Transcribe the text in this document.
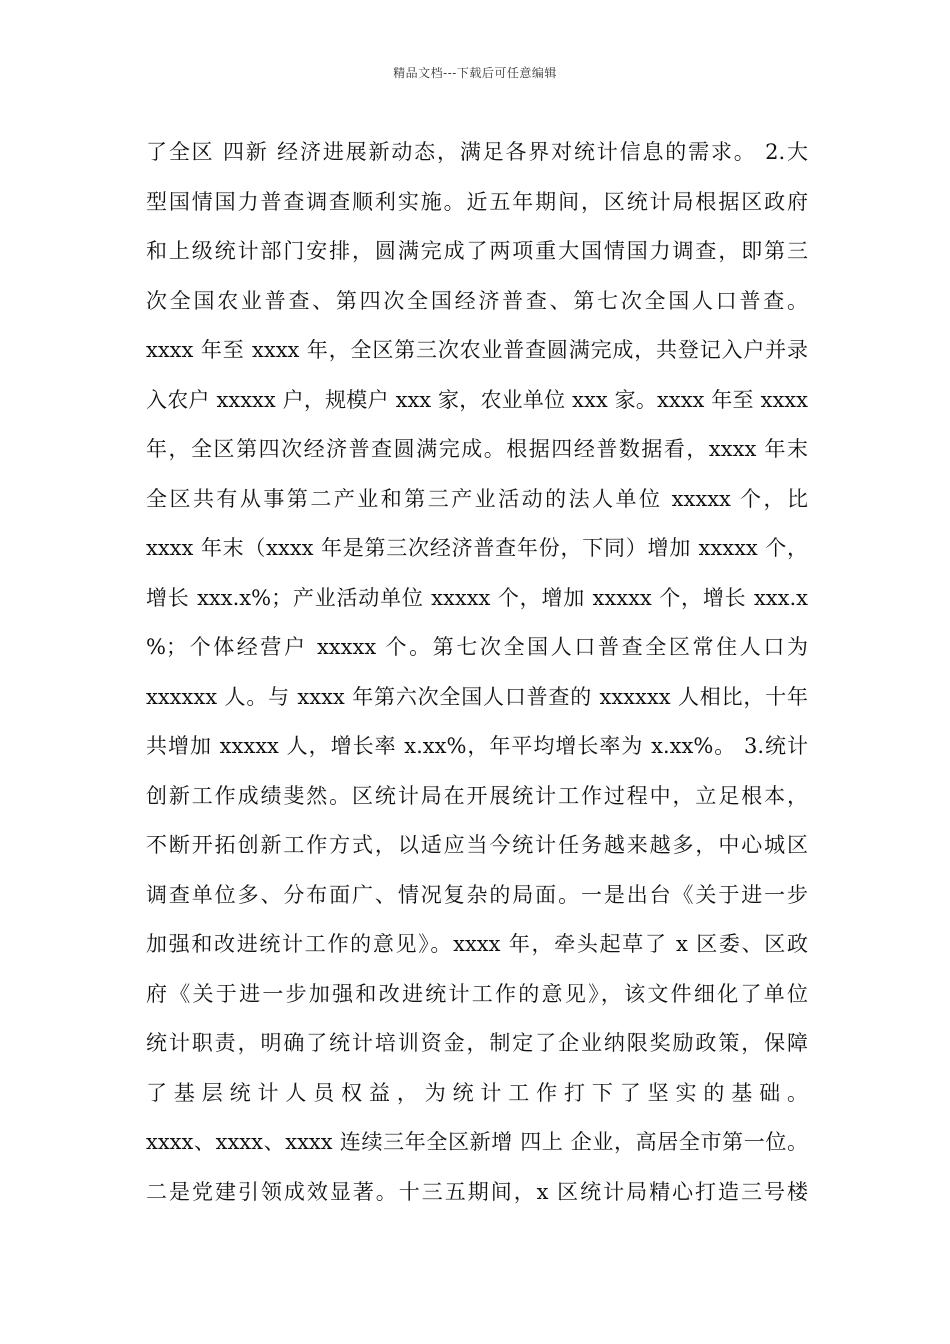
精品文档---下载后可任意编辑
了全区 四新 经济进展新动态，满足各界对统计信息的需求。 2.大
型国情国力普查调查顺利实施。近五年期间，区统计局根据区政府
和上级统计部门安排，圆满完成了两项重大国情国力调查，即第三
次全国农业普查、第四次全国经济普查、第七次全国人口普查。
xxxx 年至 xxxx 年，全区第三次农业普查圆满完成，共登记入户并录
入农户 xxxxx 户，规模户 xxx 家，农业单位 xxx 家。xxxx 年至 xxxx
年，全区第四次经济普查圆满完成。根据四经普数据看，xxxx 年末
全区共有从事第二产业和第三产业活动的法人单位 xxxxx 个，比
xxxx 年末（xxxx 年是第三次经济普查年份，下同）增加 xxxxx 个，
增长 xxx.x%；产业活动单位 xxxxx 个，增加 xxxxx 个，增长 xxx.x
%；个体经营户 xxxxx 个。第七次全国人口普查全区常住人口为
xxxxxx 人。与 xxxx 年第六次全国人口普查的 xxxxxx 人相比，十年
共增加 xxxxx 人，增长率 x.xx%，年平均增长率为 x.xx%。 3.统计
创新工作成绩斐然。区统计局在开展统计工作过程中，立足根本，
不断开拓创新工作方式，以适应当今统计任务越来越多，中心城区
调查单位多、分布面广、情况复杂的局面。一是出台《关于进一步
加强和改进统计工作的意见》。xxxx 年，牵头起草了 x 区委、区政
府《关于进一步加强和改进统计工作的意见》，该文件细化了单位
统计职责，明确了统计培训资金，制定了企业纳限奖励政策，保障
了基层统计人员权益，为统计工作打下了坚实的基础。
xxxx、xxxx、xxxx 连续三年全区新增 四上 企业，高居全市第一位。
二是党建引领成效显著。十三五期间，x 区统计局精心打造三号楼
